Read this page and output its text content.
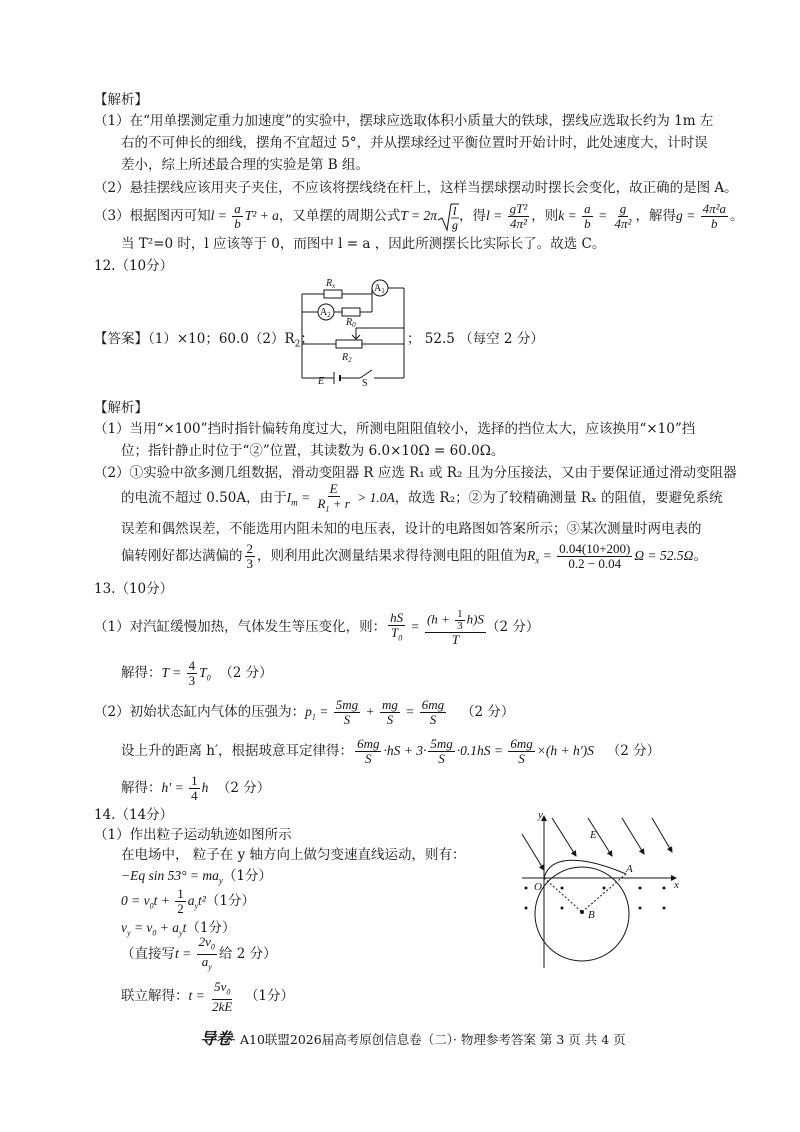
【解析】
（1）在“用单摆测定重力加速度”的实验中，摆球应选取体积小质量大的铁球，摆线应选取长约为 1m 左
右的不可伸长的细线，摆角不宜超过 5°，并从摆球经过平衡位置时开始计时，此处速度大，计时误
差小，综上所述最合理的实验是第 B 组。
（2）悬挂摆线应该用夹子夹住，不应该将摆线绕在杆上，这样当摆球摆动时摆长会变化，故正确的是图 A。
（3）根据图丙可知$l = \frac{a}{b} T^2 + a$，又单摆的周期公式T = 2π l
g
，得$l = \frac{\text{gT²}}{\text{4π²}}$ ，则$k = \frac{a}{b} = \frac{g}{\text{4π²}}$ ，解得$g = \frac{\text{4π²a}}{b}$ 。
当 T²=0 时，l 应该等于 0，而图中 l = a ，因此所测摆长比实际长了。故选 C。
12.（10分）
$R_x$	$A_1$
$A_2$
$R_0$
$R_2$
E	S
【答案】（1）×10；$60.0(2)R_2$；	； 52.5 （每空 2 分）
【解析】
（1）当用“×100”挡时指针偏转角度过大，所测电阻阻值较小，选择的挡位太大，应该换用“×10”挡
位；指针静止时位于“②”位置，其读数为 6.0×10Ω = 60.0Ω。
（2）①实验中欲多测几组数据，滑动变阻器 R 应选 R₁ 或 R₂ 且为分压接法，又由于要保证通过滑动变阻器
的电流不超过 0.50A，由于$I_m = \frac{E}{R_1 + r} > 1.0A$，故选 R₂；②为了较精确测量 Rₓ 的阻值，要避免系统
误差和偶然误差，不能选用内阻未知的电压表，设计的电路图如答案所示；③某次测量时两电表的
偏转刚好都达满偏的 $\frac{2}{3}$ ，则利用此次测量结果求得待测电阻的阻值为$R_x = \frac{0.04(10+200)}{0.2 - 0.04}$ Ω = 52.5Ω。
13.（10分）
（1）对汽缸缓慢加热，气体发生等压变化，则： $\frac{hS}{T_0} = \frac{(h + \frac{1}{3} h)S}{T} (2$ 分）
解得：$T = \frac{4}{3} T_0$ （2 分）
（2）初始状态缸内气体的压强为：$p_1 = \frac{5mg}{S} + \frac{mg}{S} = \frac{6mg}{S} (2$ 分）
设上升的距离 h′，根据玻意耳定律得： $\frac{6mg}{S} \cdot hS + 3\cdot \frac{5mg}{S} \cdot 0.1hS = \frac{6mg}{S} \times(h + h')S$ （2 分）
解得：$h' = \frac{1}{4}$ h （2 分）
14.（14分）
（1）作出粒子运动轨迹如图所示
在电场中， 粒子在 y 轴方向上做匀变速直线运动，则有：
−Eq $\sin 53^\circ = ma_y(1$分）
$0 = v_0t + \frac{1}{2} a_yt^2(1$分）
$v_y = v_0 + a_yt(1$分）
（直接写$t = \frac{2v_0}{a_y}$ 给 2 分）
联立解得：$t = \frac{5v_0}{2kE} (1$分）
y
x
E
O
A
B
导卷· A10联盟2026届高考原创信息卷（二）· 物理参考答案 第 3 页 共 4 页
